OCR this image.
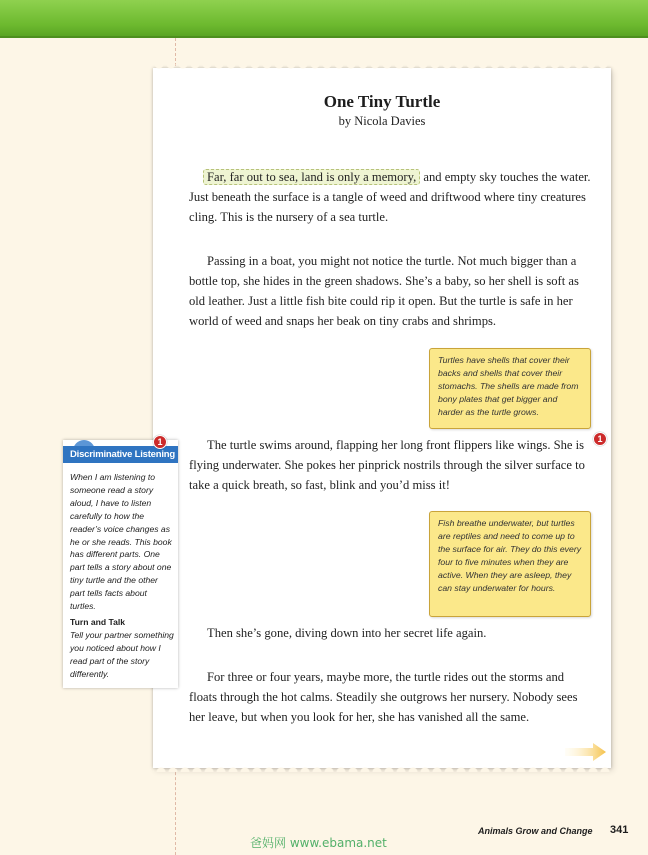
One Tiny Turtle
by Nicola Davies

Far, far out to sea, land is only a memory, and empty sky touches the water. Just beneath the surface is a tangle of weed and driftwood where tiny creatures cling. This is the nursery of a sea turtle.

Passing in a boat, you might not notice the turtle. Not much bigger than a bottle top, she hides in the green shadows. She’s a baby, so her shell is soft as old leather. Just a little fish bite could rip it open. But the turtle is safe in her world of weed and snaps her beak on tiny crabs and shrimps.

The turtle swims around, flapping her long front flippers like wings. She is flying underwater. She pokes her pinprick nostrils through the silver surface to take a quick breath, so fast, blink and you’d miss it!

Then she’s gone, diving down into her secret life again.

For three or four years, maybe more, the turtle rides out the storms and floats through the hot calms. Steadily she outgrows her nursery. Nobody sees her leave, but when you look for her, she has vanished all the same.

Turtles have shells that cover their backs and shells that cover their stomachs. The shells are made from bony plates that get bigger and harder as the turtle grows.
Fish breathe underwater, but turtles are reptiles and need to come up to the surface for air. They do this every four to five minutes when they are active. When they are asleep, they can stay underwater for hours.
1
Discriminative Listening
1
When I am listening to someone read a story aloud, I have to listen carefully to how the reader’s voice changes as he or she reads. This book has different parts. One part tells a story about one tiny turtle and the other part tells facts about turtles.
Turn and Talk
Tell your partner something you noticed about how I read part of the story differently.
爸妈网 www.ebama.net
Animals Grow and Change 341
